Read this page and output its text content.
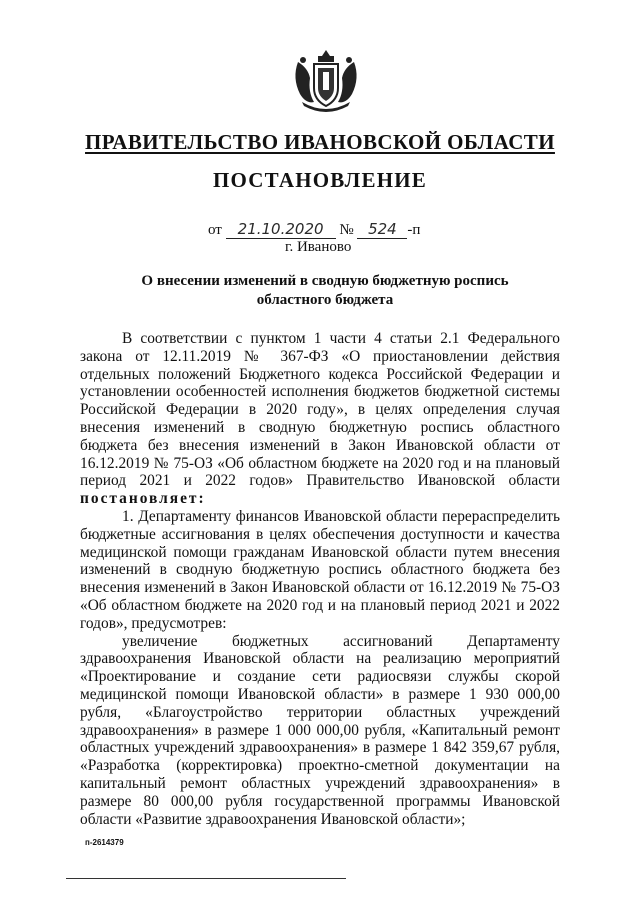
ПРАВИТЕЛЬСТВО ИВАНОВСКОЙ ОБЛАСТИ
ПОСТАНОВЛЕНИЕ
от 21.10.2020 № 524 -п
г. Иваново
О внесении изменений в сводную бюджетную роспись
областного бюджета

В соответствии с пунктом 1 части 4 статьи 2.1 Федерального закона от 12.11.2019 № 367-ФЗ «О приостановлении действия отдельных положений Бюджетного кодекса Российской Федерации и установлении особенностей исполнения бюджетов бюджетной системы Российской Федерации в 2020 году», в целях определения случая внесения изменений в сводную бюджетную роспись областного бюджета без внесения изменений в Закон Ивановской области от 16.12.2019 № 75-ОЗ «Об областном бюджете на 2020 год и на плановый период 2021 и 2022 годов» Правительство Ивановской области постановляет:

1. Департаменту финансов Ивановской области перераспределить бюджетные ассигнования в целях обеспечения доступности и качества медицинской помощи гражданам Ивановской области путем внесения изменений в сводную бюджетную роспись областного бюджета без внесения изменений в Закон Ивановской области от 16.12.2019 № 75-ОЗ «Об областном бюджете на 2020 год и на плановый период 2021 и 2022 годов», предусмотрев:

увеличение бюджетных ассигнований Департаменту здравоохранения Ивановской области на реализацию мероприятий «Проектирование и создание сети радиосвязи службы скорой медицинской помощи Ивановской области» в размере 1 930 000,00 рубля, «Благоустройство территории областных учреждений здравоохранения» в размере 1 000 000,00 рубля, «Капитальный ремонт областных учреждений здравоохранения» в размере 1 842 359,67 рубля, «Разработка (корректировка) проектно-сметной документации на капитальный ремонт областных учреждений здравоохранения» в размере 80 000,00 рубля государственной программы Ивановской области «Развитие здравоохранения Ивановской области»;

п-2614379
